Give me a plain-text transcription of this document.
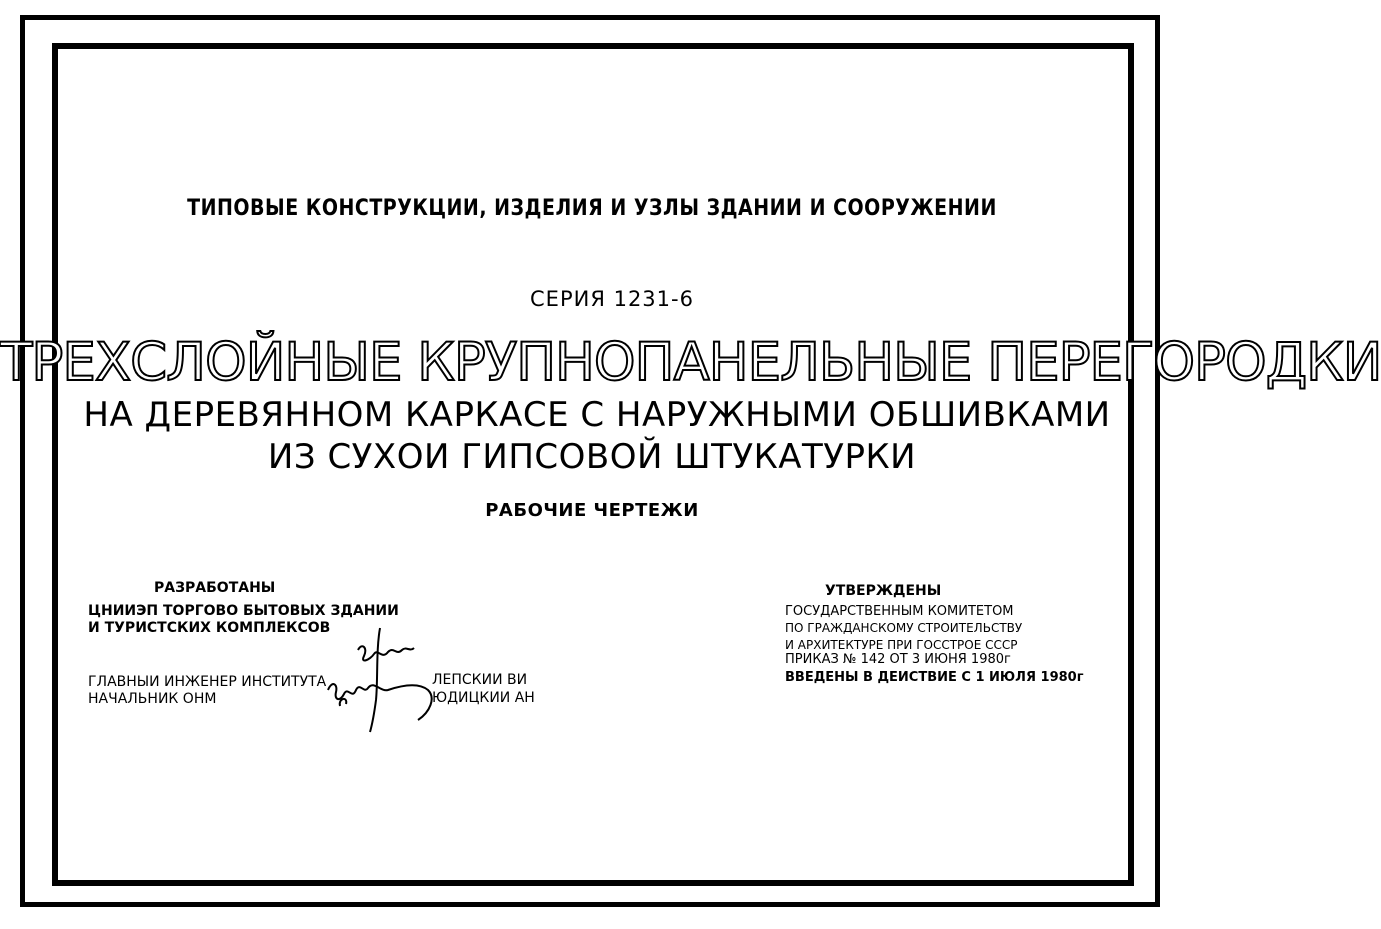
ТИПОВЫЕ КОНСТРУКЦИИ, ИЗДЕЛИЯ И УЗЛЫ ЗДАНИИ И СООРУЖЕНИИ
СЕРИЯ 1231-6
ТРЕХСЛОЙНЫЕ КРУПНОПАНЕЛЬНЫЕ ПЕРЕГОРОДКИ
НА ДЕРЕВЯННОМ КАРКАСЕ С НАРУЖНЫМИ ОБШИВКАМИ
ИЗ СУХОИ ГИПСОВОЙ ШТУКАТУРКИ
РАБОЧИЕ ЧЕРТЕЖИ
РАЗРАБОТАНЫ
ЦНИИЭП ТОРГОВО БЫТОВЫХ ЗДАНИИ
И ТУРИСТСКИХ КОМПЛЕКСОВ
ГЛАВНЫИ ИНЖЕНЕР ИНСТИТУТА
НАЧАЛЬНИК ОНМ
ЛЕПСКИИ ВИ
ЮДИЦКИИ АН
УТВЕРЖДЕНЫ
ГОСУДАРСТВЕННЫМ КОМИТЕТОМ
ПО ГРАЖДАНСКОМУ СТРОИТЕЛЬСТВУ
И АРХИТЕКТУРЕ ПРИ ГОССТРОЕ СССР
ПРИКАЗ № 142 ОТ 3 ИЮНЯ 1980г
ВВЕДЕНЫ В ДЕИСТВИЕ С 1 ИЮЛЯ 1980г
